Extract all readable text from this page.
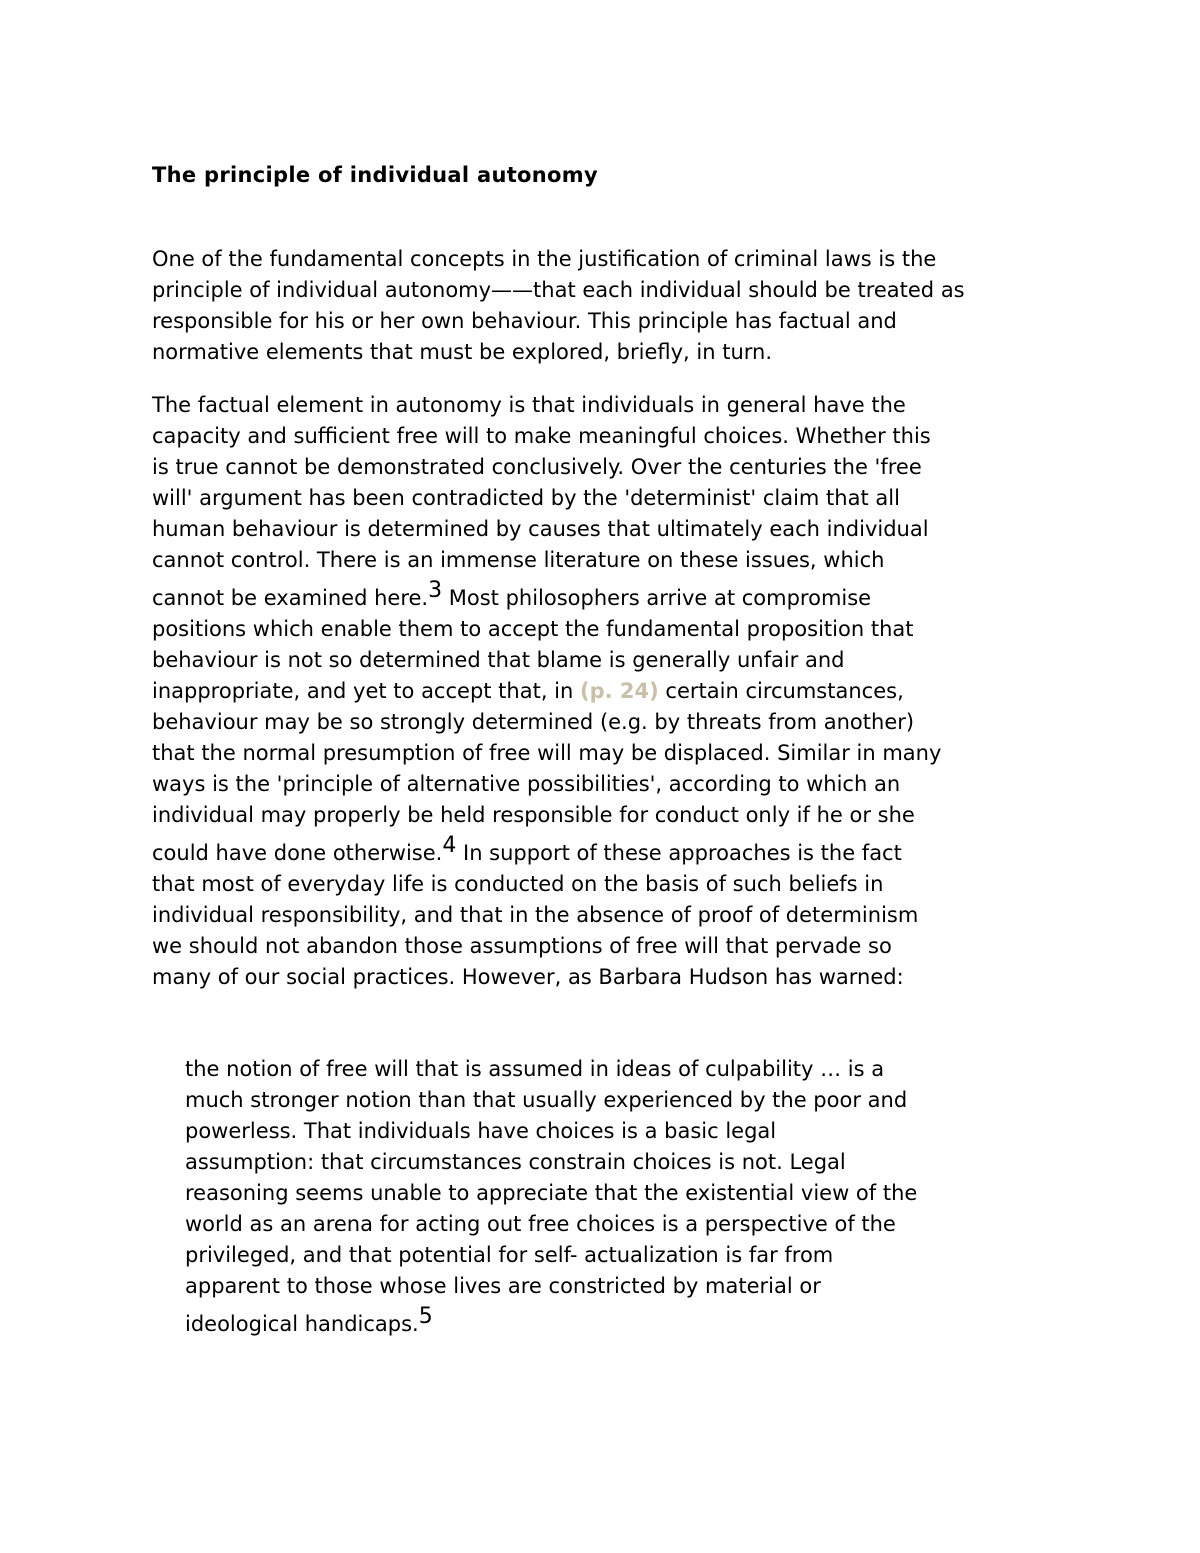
The principle of individual autonomy

One of the fundamental concepts in the justification of criminal laws is the
principle of individual autonomy——that each individual should be treated as
responsible for his or her own behaviour. This principle has factual and
normative elements that must be explored, briefly, in turn.

The factual element in autonomy is that individuals in general have the
capacity and sufficient free will to make meaningful choices. Whether this
is true cannot be demonstrated conclusively. Over the centuries the 'free
will' argument has been contradicted by the 'determinist' claim that all
human behaviour is determined by causes that ultimately each individual
cannot control. There is an immense literature on these issues, which
cannot be examined here.$^3$ Most philosophers arrive at compromise
positions which enable them to accept the fundamental proposition that
behaviour is not so determined that blame is generally unfair and
inappropriate, and yet to accept that, in (p. 24) certain circumstances,
behaviour may be so strongly determined (e.g. by threats from another)
that the normal presumption of free will may be displaced. Similar in many
ways is the 'principle of alternative possibilities', according to which an
individual may properly be held responsible for conduct only if he or she
could have done otherwise.$^4$ In support of these approaches is the fact
that most of everyday life is conducted on the basis of such beliefs in
individual responsibility, and that in the absence of proof of determinism
we should not abandon those assumptions of free will that pervade so
many of our social practices. However, as Barbara Hudson has warned:

the notion of free will that is assumed in ideas of culpability … is a
much stronger notion than that usually experienced by the poor and
powerless. That individuals have choices is a basic legal
assumption: that circumstances constrain choices is not. Legal
reasoning seems unable to appreciate that the existential view of the
world as an arena for acting out free choices is a perspective of the
privileged, and that potential for self- actualization is far from
apparent to those whose lives are constricted by material or
ideological handicaps.$^5$
